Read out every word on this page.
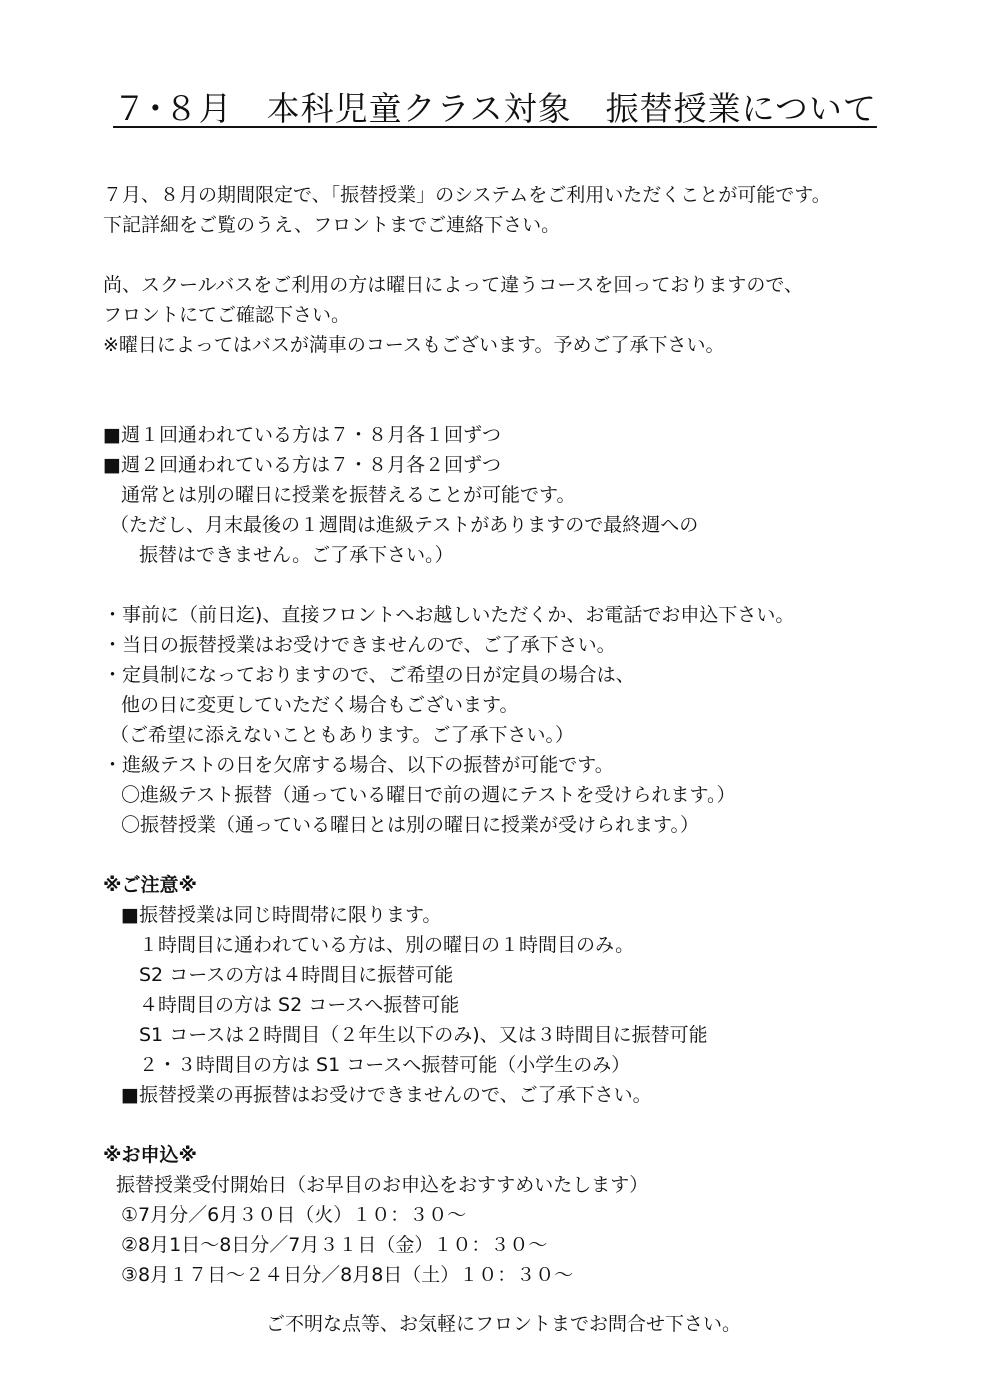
７･８月　本科児童クラス対象　振替授業について

７月、８月の期間限定で、「振替授業」のシステムをご利用いただくことが可能です。

下記詳細をご覧のうえ、フロントまでご連絡下さい。

尚、スクールバスをご利用の方は曜日によって違うコースを回っておりますので、

フロントにてご確認下さい。

※曜日によってはバスが満車のコースもございます。予めご了承下さい。

■週１回通われている方は７・８月各１回ずつ

■週２回通われている方は７・８月各２回ずつ

通常とは別の曜日に授業を振替えることが可能です。

（ただし、月末最後の１週間は進級テストがありますので最終週への

振替はできません。ご了承下さい。）

・事前に（前日迄)、直接フロントへお越しいただくか、お電話でお申込下さい。

・当日の振替授業はお受けできませんので、ご了承下さい。

・定員制になっておりますので、ご希望の日が定員の場合は、

他の日に変更していただく場合もございます。

（ご希望に添えないこともあります。ご了承下さい。）

・進級テストの日を欠席する場合、以下の振替が可能です。

〇進級テスト振替（通っている曜日で前の週にテストを受けられます。）

〇振替授業（通っている曜日とは別の曜日に授業が受けられます。）

※ご注意※

■振替授業は同じ時間帯に限ります。

１時間目に通われている方は、別の曜日の１時間目のみ。

S2 コースの方は４時間目に振替可能

４時間目の方は S2 コースへ振替可能

S1 コースは２時間目（２年生以下のみ)、又は３時間目に振替可能

２・３時間目の方は S1 コースへ振替可能（小学生のみ）

■振替授業の再振替はお受けできませんので、ご了承下さい。

※お申込※

振替授業受付開始日（お早目のお申込をおすすめいたします）

①7月分／6月３０日（火）１０：３０～

②8月1日～8日分／7月３１日（金）１０：３０～

③8月１７日～２４日分／8月8日（土）１０：３０～

ご不明な点等、お気軽にフロントまでお問合せ下さい。
